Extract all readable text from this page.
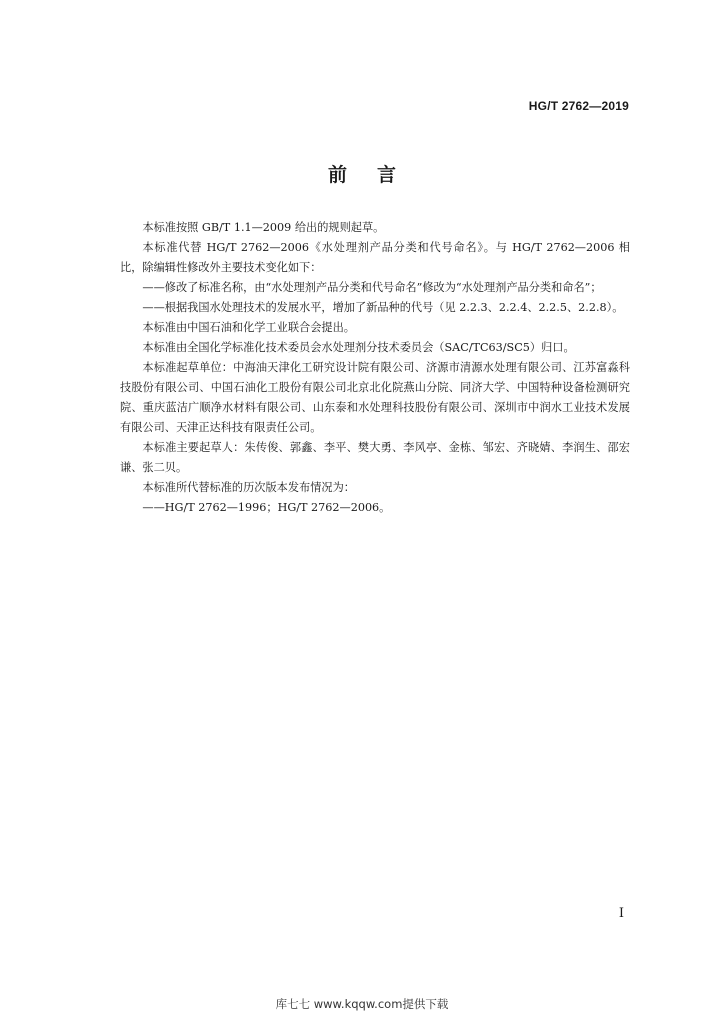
HG/T 2762—2019
前言

本标准按照 GB/T 1.1—2009 给出的规则起草。

本标准代替 HG/T 2762—2006《水处理剂产品分类和代号命名》。与 HG/T 2762—2006 相比，除编辑性修改外主要技术变化如下：

——修改了标准名称，由“水处理剂产品分类和代号命名”修改为“水处理剂产品分类和命名”；

——根据我国水处理技术的发展水平，增加了新品种的代号（见 2.2.3、2.2.4、2.2.5、2.2.8）。

本标准由中国石油和化学工业联合会提出。

本标准由全国化学标准化技术委员会水处理剂分技术委员会（SAC/TC63/SC5）归口。

本标准起草单位：中海油天津化工研究设计院有限公司、济源市清源水处理有限公司、江苏富淼科技股份有限公司、中国石油化工股份有限公司北京北化院燕山分院、同济大学、中国特种设备检测研究院、重庆蓝洁广顺净水材料有限公司、山东泰和水处理科技股份有限公司、深圳市中润水工业技术发展有限公司、天津正达科技有限责任公司。

本标准主要起草人：朱传俊、郭鑫、李平、樊大勇、李风亭、金栋、邹宏、齐晓婧、李润生、邵宏谦、张二贝。

本标准所代替标准的历次版本发布情况为：

——HG/T 2762—1996；HG/T 2762—2006。

I
库七七 www.kqqw.com提供下载
